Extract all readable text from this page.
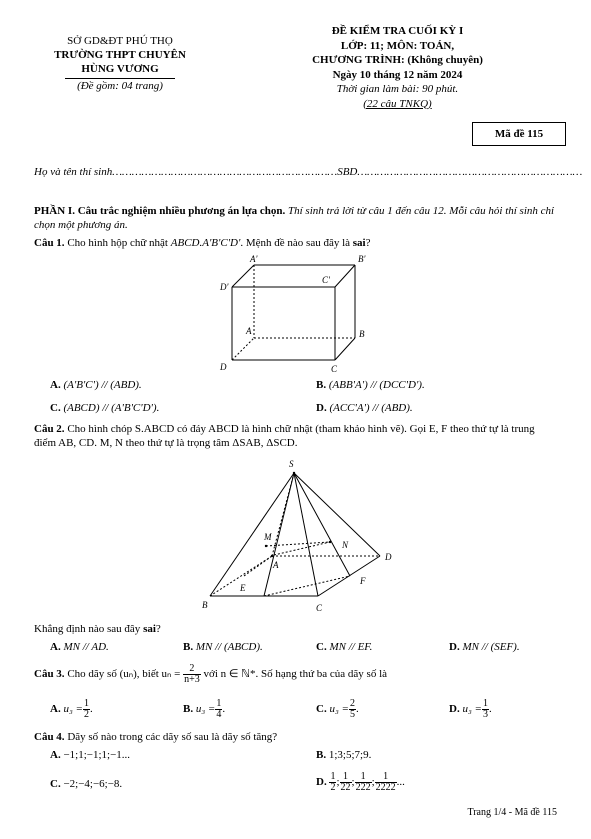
SỞ GD&ĐT PHÚ THỌ
TRƯỜNG THPT CHUYÊN
HÙNG VƯƠNG
(Đề gồm: 04 trang)
ĐỀ KIỂM TRA CUỐI KỲ I
LỚP: 11; MÔN: TOÁN,
CHƯƠNG TRÌNH: (Không chuyên)
Ngày 10 tháng 12 năm 2024
Thời gian làm bài: 90 phút.
(22 câu TNKQ)
Mã đề 115
Họ và tên thí sinh……………………………………………………………SBD……………………………………………………………
PHẦN I. Câu trắc nghiệm nhiều phương án lựa chọn. Thí sinh trả lời từ câu 1 đến câu 12. Mỗi câu hỏi thí sinh chỉ chọn một phương án.
Câu 1. Cho hình hộp chữ nhật ABCD.A'B'C'D'. Mệnh đề nào sau đây là sai?
A'	B'
C'
D'
A	B
C
D
A. (A'B'C') // (ABD).	B. (ABB'A') // (DCC'D').
C. (ABCD) // (A'B'C'D').	D. (ACC'A') // (ABD).
Câu 2. Cho hình chóp S.ABCD có đáy ABCD là hình chữ nhật (tham khảo hình vẽ). Gọi E, F theo thứ tự là trung điểm AB, CD. M, N theo thứ tự là trọng tâm ΔSAB, ΔSCD.
S
M
N
A
D
E
F
B	C
Khẳng định nào sau đây sai?
A. MN // AD.	B. MN // (ABCD).	C. MN // EF.	D. MN // (SEF).
Câu 3. Cho dãy số (uₙ), biết $u_n = \frac{2}{n+3}$ với n ∈ ℕ*. Số hạng thứ ba của dãy số là
A. $u_3 = \frac{1}{2}$ .	B. $u_3 = \frac{1}{4}$ .	C. $u_3 = \frac{2}{5}$ .	D. $u_3 = \frac{1}{3}$ .
Câu 4. Dãy số nào trong các dãy số sau là dãy số tăng?
A. −1;1;−1;1;−1...	B. 1;3;5;7;9.
C. −2;−4;−6;−8.	D. $\frac{1}{2}$ ; $\frac{1}{22}$ ; $\frac{1}{222}$ ; $\frac{1}{2222}$ ...
Trang 1/4 - Mã đề 115
